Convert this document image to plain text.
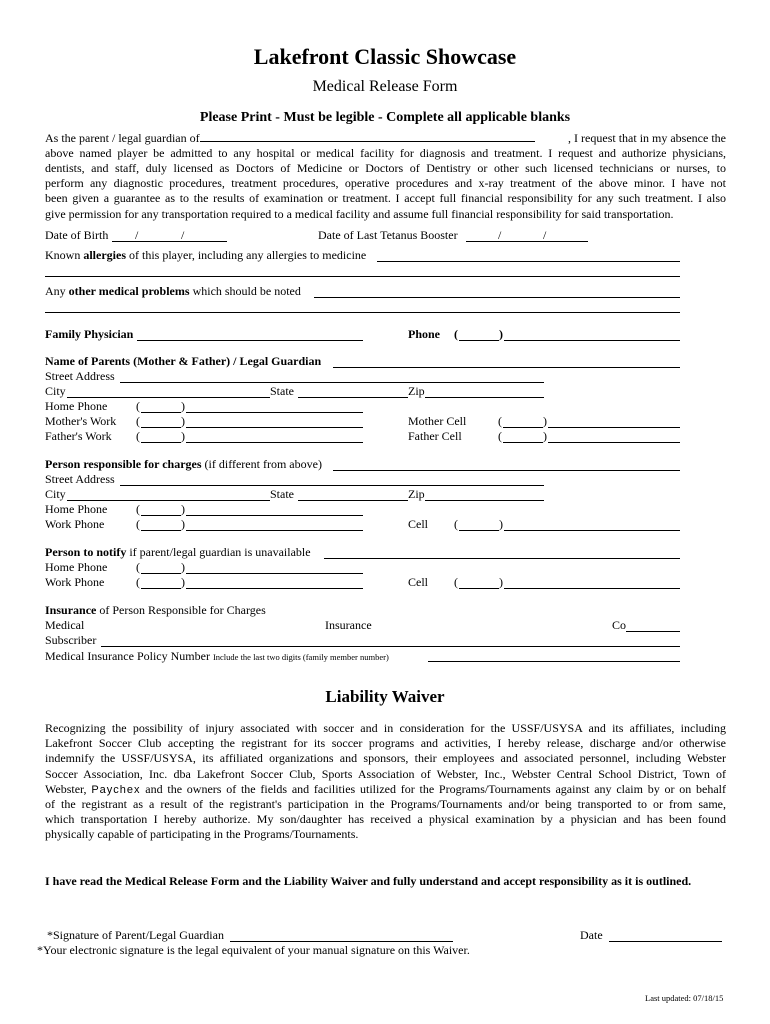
Lakefront Classic Showcase
Medical Release Form
Please Print - Must be legible - Complete all applicable blanks
As the parent / legal guardian of	, I request that in my absence the
above named player be admitted to any hospital or medical facility for diagnosis and treatment. I request and authorize physicians,
dentists, and staff, duly licensed as Doctors of Medicine or Doctors of Dentistry or other such licensed technicians or nurses, to
perform any diagnostic procedures, treatment procedures, operative procedures and x-ray treatment of the above minor. I have not
been given a guarantee as to the results of examination or treatment. I accept full financial responsibility for any such treatment. I also
give permission for any transportation required to a medical facility and assume full financial responsibility for said transportation.
Date of Birth /	/	Date of Last Tetanus Booster	/	/
Known allergies of this player, including any allergies to medicine
Any other medical problems which should be noted
Family Physician	Phone (	)
Name of Parents (Mother & Father) / Legal Guardian
Street Address
City	State	Zip
Home Phone (	)
Mother's Work (	)	Mother Cell	(	)
Father's Work (	)	Father Cell	(	)
Person responsible for charges (if different from above)
Street Address
City	State	Zip
Home Phone (	)
Work Phone	(	)	Cell (	)
Person to notify if parent/legal guardian is unavailable
Home Phone (	)
Work Phone	(	)	Cell (	)
Insurance of Person Responsible for Charges
Medical	Insurance	Co
Subscriber
Medical Insurance Policy Number Include the last two digits (family member number)
Liability Waiver
Recognizing the possibility of injury associated with soccer and in consideration for the USSF/USYSA and its affiliates, including
Lakefront Soccer Club accepting the registrant for its soccer programs and activities, I hereby release, discharge and/or otherwise
indemnify the USSF/USYSA, its affiliated organizations and sponsors, their employees and associated personnel, including Webster
Soccer Association, Inc. dba Lakefront Soccer Club, Sports Association of Webster, Inc., Webster Central School District, Town of
Webster, Paychex and the owners of the fields and facilities utilized for the Programs/Tournaments against any claim by or on behalf
of the registrant as a result of the registrant's participation in the Programs/Tournaments and/or being transported to or from same,
which transportation I hereby authorize. My son/daughter has received a physical examination by a physician and has been found
physically capable of participating in the Programs/Tournaments.
I have read the Medical Release Form and the Liability Waiver and fully understand and accept responsibility as it is outlined.
*Signature of Parent/Legal Guardian	Date
*Your electronic signature is the legal equivalent of your manual signature on this Waiver.
Last updated: 07/18/15
